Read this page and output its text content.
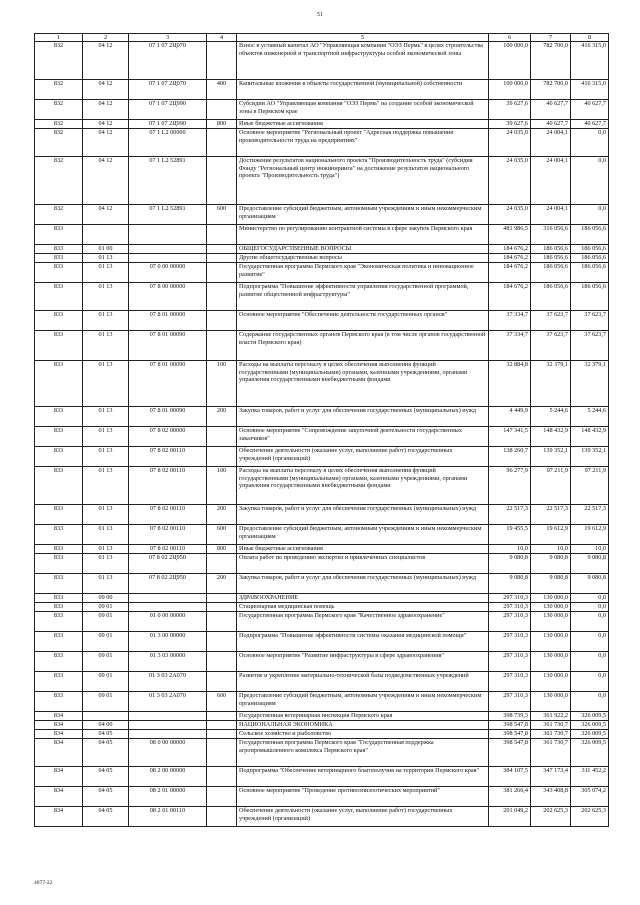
51
1	2	3	4	5	6	7	8
832	04 12	07 1 07 2Ц070		Взнос в уставный капитал АО "Управляющая компания "ОЭЗ Пермь" в целях строительства объектов инженерной и транспортной инфраструктуры особой экономической зоны	100 000,0	782 700,0	416 315,0
832	04 12	07 1 07 2Ц070	400	Капитальные вложения в объекты государственной (муниципальной) собственности	100 000,0	782 700,0	416 315,0
832	04 12	07 1 07 2Ц990		Субсидии АО "Управляющая компания "ОЭЗ Пермь" на создание особой экономической зоны в Пермском крае	39 627,6	40 627,7	40 627,7
832	04 12	07 1 07 2Ц990	800	Иные бюджетные ассигнования	39 627,6	40 627,7	40 627,7
832	04 12	07 1 L2 00000		Основное мероприятие "Региональный проект "Адресная поддержка повышения производительности труда на предприятиях"	24 035,0	24 004,1	0,0
832	04 12	07 1 L2 52891		Достижение результатов национального проекта "Производительность труда" (субсидия Фонду "Региональный центр инжиниринга" на достижение результатов национального проекта "Производительность труда")	24 035,0	24 004,1	0,0
832	04 12	07 1 L2 52891	600	Предоставление субсидий бюджетным, автономным учреждениям и иным некоммерческим организациям	24 035,0	24 004,1	0,0
833				Министерство по регулированию контрактной системы в сфере закупок Пермского края	481 986,5	316 056,6	186 056,6
833	01 00			ОБЩЕГОСУДАРСТВЕННЫЕ ВОПРОСЫ	184 676,2	186 056,6	186 056,6
833	01 13			Другие общегосударственные вопросы	184 676,2	186 056,6	186 056,6
833	01 13	07 0 00 00000		Государственная программа Пермского края "Экономическая политика и инновационное развитие"	184 676,2	186 056,6	186 056,6
833	01 13	07 8 00 00000		Подпрограмма "Повышение эффективности управления государственной программой, развитие общественной инфраструктуры"	184 676,2	186 056,6	186 056,6
833	01 13	07 8 01 00000		Основное мероприятие "Обеспечение деятельности государственных органов"	37 334,7	37 623,7	37 623,7
833	01 13	07 8 01 00090		Содержание государственных органов Пермского края (в том числе органов государственной власти Пермского края)	37 334,7	37 623,7	37 623,7
833	01 13	07 8 01 00090	100	Расходы на выплаты персоналу в целях обеспечения выполнения функций государственными (муниципальными) органами, казенными учреждениями, органами управления государственными внебюджетными фондами	32 884,8	32 379,1	32 379,1
833	01 13	07 8 01 00090	200	Закупка товаров, работ и услуг для обеспечения государственных (муниципальных) нужд	4 449,9	5 244,6	5 244,6
833	01 13	07 8 02 00000		Основное мероприятие "Сопровождение закупочной деятельности государственных заказчиков"	147 341,5	148 432,9	148 432,9
833	01 13	07 8 02 00110		Обеспечение деятельности (оказание услуг, выполнение работ) государственных учреждений (организаций)	138 260,7	139 352,1	139 352,1
833	01 13	07 8 02 00110	100	Расходы на выплаты персоналу в целях обеспечения выполнения функций государственными (муниципальными) органами, казенными учреждениями, органами управления государственными внебюджетными фондами	96 277,9	97 211,9	97 211,9
833	01 13	07 8 02 00110	200	Закупка товаров, работ и услуг для обеспечения государственных (муниципальных) нужд	22 517,3	22 517,3	22 517,3
833	01 13	07 8 02 00110	600	Предоставление субсидий бюджетным, автономным учреждениям и иным некоммерческим организациям	19 455,5	19 612,9	19 612,9
833	01 13	07 8 02 00110	800	Иные бюджетные ассигнования	10,0	10,0	10,0
833	01 13	07 8 02 2Ц950		Оплата работ по проведению экспертиз и привлеченных специалистов	9 080,8	9 080,8	9 080,8
833	01 13	07 8 02 2Ц950	200	Закупка товаров, работ и услуг для обеспечения государственных (муниципальных) нужд	9 080,8	9 080,8	9 080,8
833	09 00			ЗДРАВООХРАНЕНИЕ	297 310,3	130 000,0	0,0
833	09 01			Стационарная медицинская помощь	297 310,3	130 000,0	0,0
833	09 01	01 0 00 00000		Государственная программа Пермского края "Качественное здравоохранение"	297 310,3	130 000,0	0,0
833	09 01	01 3 00 00000		Подпрограмма "Повышение эффективности системы оказания медицинской помощи"	297 310,3	130 000,0	0,0
833	09 01	01 3 03 00000		Основное мероприятие "Развитие инфраструктуры в сфере здравоохранения"	297 310,3	130 000,0	0,0
833	09 01	01 3 03 2А070		Развитие и укрепление материально-технической базы подведомственных учреждений	297 310,3	130 000,0	0,0
833	09 01	01 3 03 2А070	600	Предоставление субсидий бюджетным, автономным учреждениям и иным некоммерческим организациям	297 310,3	130 000,0	0,0
834				Государственная ветеринарная инспекция Пермского края	398 739,3	361 922,2	326 009,5
834	04 00			НАЦИОНАЛЬНАЯ ЭКОНОМИКА	398 547,8	361 730,7	326 009,5
834	04 05			Сельское хозяйство и рыболовство	398 547,8	361 730,7	326 009,5
834	04 05	08 0 00 00000		Государственная программа Пермского края "Государственная поддержка агропромышленного комплекса Пермского края"	398 547,8	361 730,7	326 009,5
834	04 05	08 2 00 00000		Подпрограмма "Обеспечение ветеринарного благополучия на территории Пермского края"	384 107,5	347 173,4	311 452,2
834	04 05	08 2 01 00000		Основное мероприятие "Проведение противоэпизоотических мероприятий"	381 266,4	343 408,8	305 074,2
834	04 05	08 2 01 00110		Обеспечение деятельности (оказание услуг, выполнение работ) государственных учреждений (организаций)	201 049,2	202 625,3	202 625,3
4077-22
